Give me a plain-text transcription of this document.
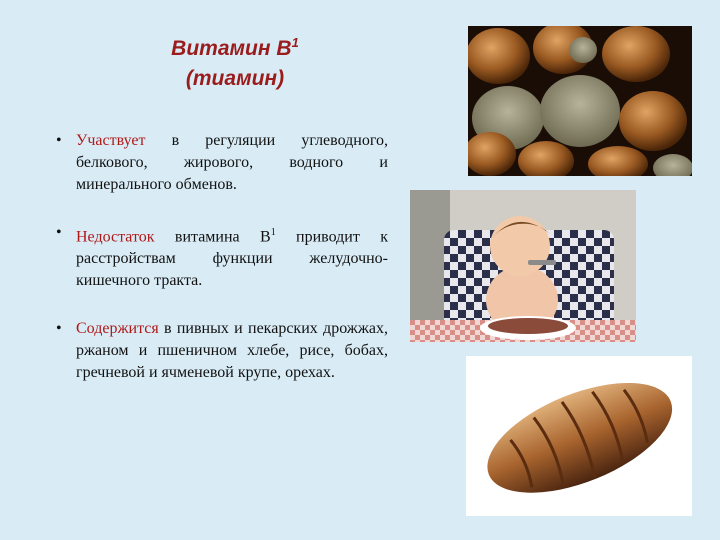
Витамин $В^1$
(тиамин)
• Участвует в регуляции углеводного, белкового, жирового, водного и минерального обменов.
• Недостаток витамина $В^1$ приводит к расстройствам функции желудочно-кишечного тракта.
• Содержится в пивных и пекарских дрожжах, ржаном и пшеничном хлебе, рисе, бобах, гречневой и ячменевой крупе, орехах.
